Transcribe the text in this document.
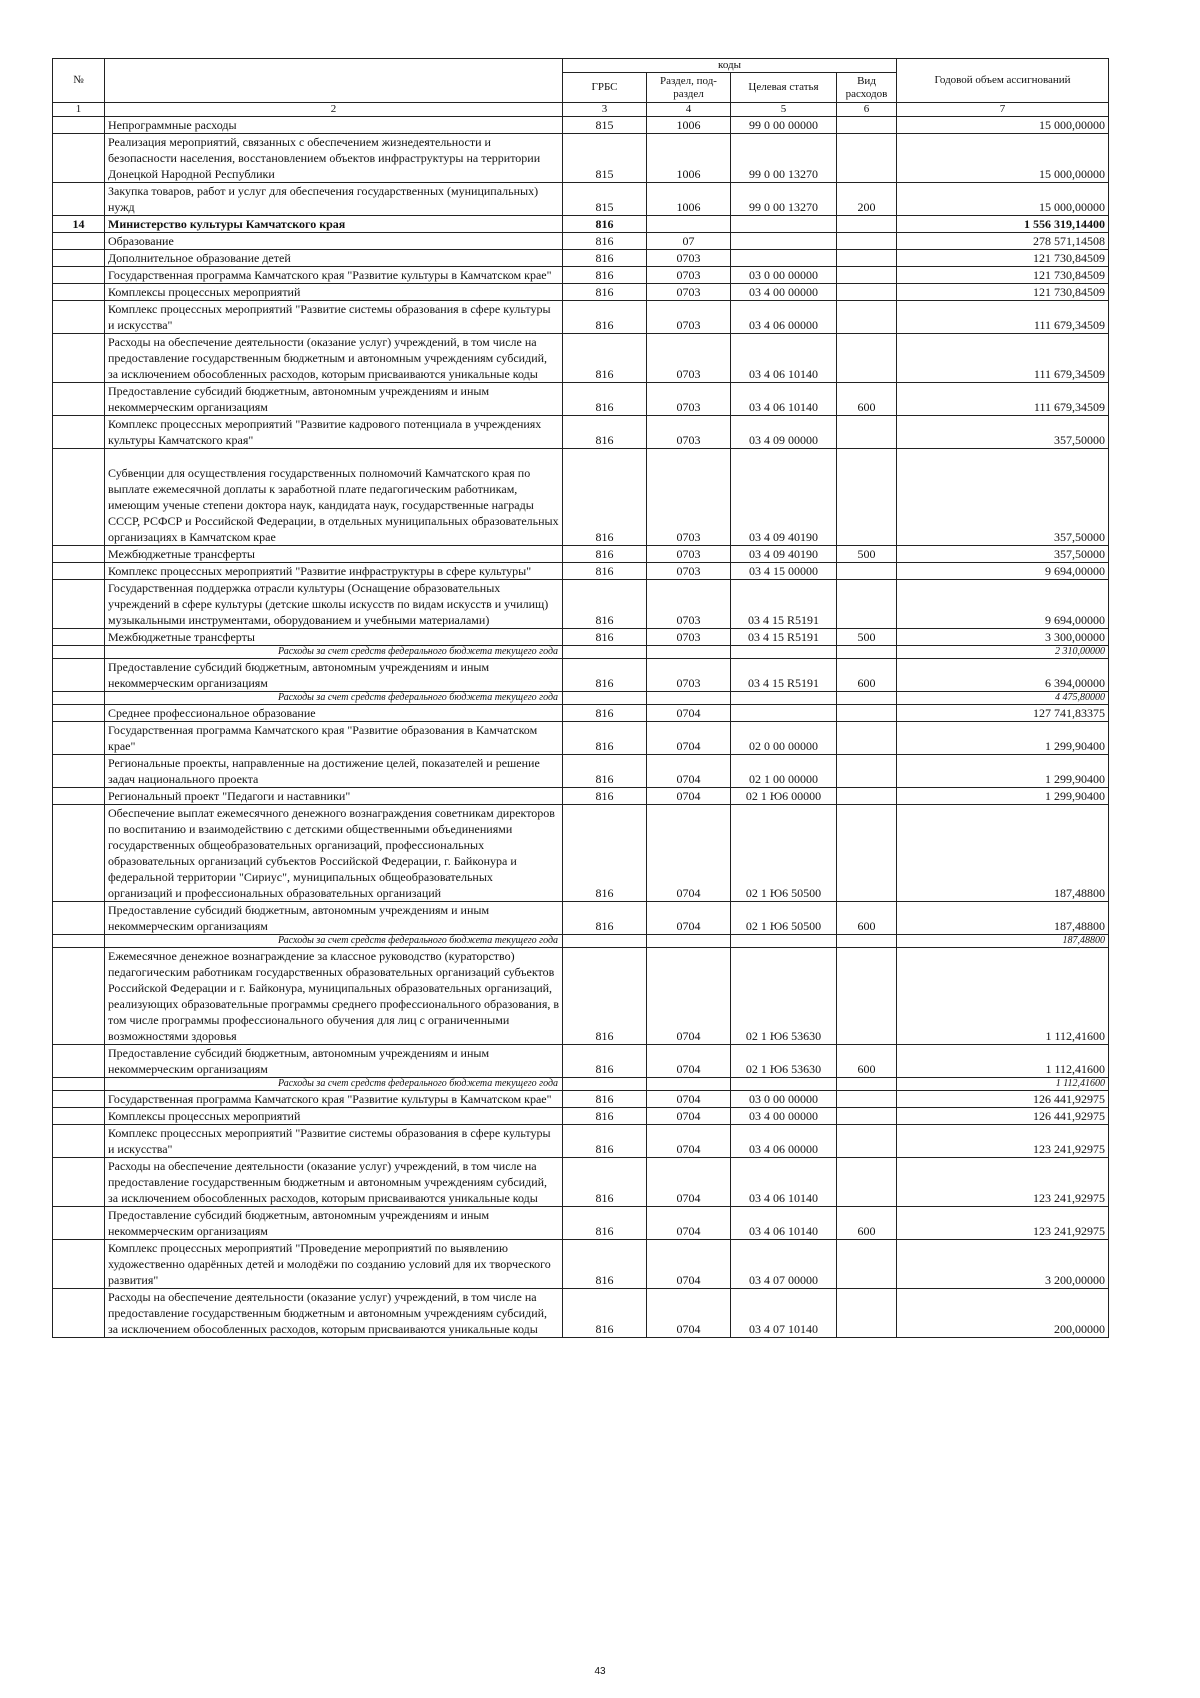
№		коды				Годовой объем ассигнований
		ГРБС	Раздел, под-раздел	Целевая статья	Вид расходов	
1	2	3	4	5	6	7
	Непрограммные расходы	815	1006	99 0 00 00000		15 000,00000
	Реализация мероприятий, связанных с обеспечением жизнедеятельности и безопасности населения, восстановлением объектов инфраструктуры на территории Донецкой Народной Республики	815	1006	99 0 00 13270		15 000,00000
	Закупка товаров, работ и услуг для обеспечения государственных (муниципальных) нужд	815	1006	99 0 00 13270	200	15 000,00000
14	Министерство культуры Камчатского края	816				1 556 319,14400
	Образование	816	07			278 571,14508
	Дополнительное образование детей	816	0703			121 730,84509
	Государственная программа Камчатского края "Развитие культуры в Камчатском крае"	816	0703	03 0 00 00000		121 730,84509
	Комплексы процессных мероприятий	816	0703	03 4 00 00000		121 730,84509
	Комплекс процессных мероприятий "Развитие системы образования в сфере культуры и искусства"	816	0703	03 4 06 00000		111 679,34509
	Расходы на обеспечение деятельности (оказание услуг) учреждений, в том числе на предоставление государственным бюджетным и автономным учреждениям субсидий, за исключением обособленных расходов, которым присваиваются уникальные коды	816	0703	03 4 06 10140		111 679,34509
	Предоставление субсидий бюджетным, автономным учреждениям и иным некоммерческим организациям	816	0703	03 4 06 10140	600	111 679,34509
	Комплекс процессных мероприятий "Развитие кадрового потенциала в учреждениях культуры Камчатского края"	816	0703	03 4 09 00000		357,50000
	Субвенции для осуществления государственных полномочий Камчатского края по выплате ежемесячной доплаты к заработной плате педагогическим работникам, имеющим ученые степени доктора наук, кандидата наук, государственные награды СССР, РСФСР и Российской Федерации, в отдельных муниципальных образовательных организациях в Камчатском крае	816	0703	03 4 09 40190		357,50000
	Межбюджетные трансферты	816	0703	03 4 09 40190	500	357,50000
	Комплекс процессных мероприятий "Развитие инфраструктуры в сфере культуры"	816	0703	03 4 15 00000		9 694,00000
	Государственная поддержка отрасли культуры (Оснащение образовательных учреждений в сфере культуры (детские школы искусств по видам искусств и училищ) музыкальными инструментами, оборудованием и учебными материалами)	816	0703	03 4 15 R5191		9 694,00000
	Межбюджетные трансферты	816	0703	03 4 15 R5191	500	3 300,00000
	Расходы за счет средств федерального бюджета текущего года					2 310,00000
	Предоставление субсидий бюджетным, автономным учреждениям и иным некоммерческим организациям	816	0703	03 4 15 R5191	600	6 394,00000
	Расходы за счет средств федерального бюджета текущего года					4 475,80000
	Среднее профессиональное образование	816	0704			127 741,83375
	Государственная программа Камчатского края "Развитие образования в Камчатском крае"	816	0704	02 0 00 00000		1 299,90400
	Региональные проекты, направленные на достижение целей, показателей и решение задач национального проекта	816	0704	02 1 00 00000		1 299,90400
	Региональный проект "Педагоги и наставники"	816	0704	02 1 Ю6 00000		1 299,90400
	Обеспечение выплат ежемесячного денежного вознаграждения советникам директоров по воспитанию и взаимодействию с детскими общественными объединениями государственных общеобразовательных организаций, профессиональных образовательных организаций субъектов Российской Федерации, г. Байконура и федеральной территории "Сириус", муниципальных общеобразовательных организаций и профессиональных образовательных организаций	816	0704	02 1 Ю6 50500		187,48800
	Предоставление субсидий бюджетным, автономным учреждениям и иным некоммерческим организациям	816	0704	02 1 Ю6 50500	600	187,48800
	Расходы за счет средств федерального бюджета текущего года					187,48800
	Ежемесячное денежное вознаграждение за классное руководство (кураторство) педагогическим работникам государственных образовательных организаций субъектов Российской Федерации и г. Байконура, муниципальных образовательных организаций, реализующих образовательные программы среднего профессионального образования, в том числе программы профессионального обучения для лиц с ограниченными возможностями здоровья	816	0704	02 1 Ю6 53630		1 112,41600
	Предоставление субсидий бюджетным, автономным учреждениям и иным некоммерческим организациям	816	0704	02 1 Ю6 53630	600	1 112,41600
	Расходы за счет средств федерального бюджета текущего года					1 112,41600
	Государственная программа Камчатского края "Развитие культуры в Камчатском крае"	816	0704	03 0 00 00000		126 441,92975
	Комплексы процессных мероприятий	816	0704	03 4 00 00000		126 441,92975
	Комплекс процессных мероприятий "Развитие системы образования в сфере культуры и искусства"	816	0704	03 4 06 00000		123 241,92975
	Расходы на обеспечение деятельности (оказание услуг) учреждений, в том числе на предоставление государственным бюджетным и автономным учреждениям субсидий, за исключением обособленных расходов, которым присваиваются уникальные коды	816	0704	03 4 06 10140		123 241,92975
	Предоставление субсидий бюджетным, автономным учреждениям и иным некоммерческим организациям	816	0704	03 4 06 10140	600	123 241,92975
	Комплекс процессных мероприятий "Проведение мероприятий по выявлению художественно одарённых детей и молодёжи по созданию условий для их творческого развития"	816	0704	03 4 07 00000		3 200,00000
	Расходы на обеспечение деятельности (оказание услуг) учреждений, в том числе на предоставление государственным бюджетным и автономным учреждениям субсидий, за исключением обособленных расходов, которым присваиваются уникальные коды	816	0704	03 4 07 10140		200,00000
43
